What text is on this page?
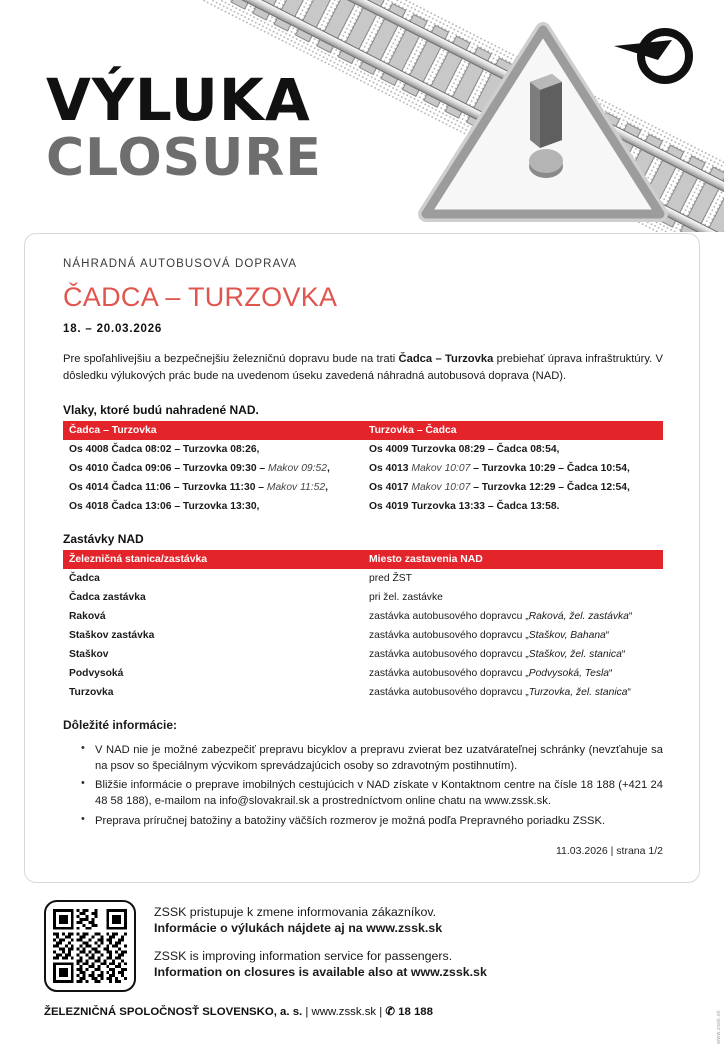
VÝLUKA
CLOSURE

NÁHRADNÁ AUTOBUSOVÁ DOPRAVA

ČADCA – TURZOVKA

18. – 20.03.2026

Pre spoľahlivejšiu a bezpečnejšiu železničnú dopravu bude na trati Čadca – Turzovka prebiehať úprava infraštruktúry. V dôsledku výlukových prác bude na uvedenom úseku zavedená náhradná autobusová doprava (NAD).

Vlaky, ktoré budú nahradené NAD.

Čadca – Turzovka	Turzovka – Čadca
Os 4008 Čadca 08:02 – Turzovka 08:26,	Os 4009 Turzovka 08:29 – Čadca 08:54,
Os 4010 Čadca 09:06 – Turzovka 09:30 – Makov 09:52,	Os 4013 Makov 10:07 – Turzovka 10:29 – Čadca 10:54,
Os 4014 Čadca 11:06 – Turzovka 11:30 – Makov 11:52,	Os 4017 Makov 10:07 – Turzovka 12:29 – Čadca 12:54,
Os 4018 Čadca 13:06 – Turzovka 13:30,	Os 4019 Turzovka 13:33 – Čadca 13:58.

Zastávky NAD

Železničná stanica/zastávka	Miesto zastavenia NAD
Čadca	pred ŽST
Čadca zastávka	pri žel. zastávke
Raková	zastávka autobusového dopravcu „Raková, žel. zastávka“
Staškov zastávka	zastávka autobusového dopravcu „Staškov, Bahana“
Staškov	zastávka autobusového dopravcu „Staškov, žel. stanica“
Podvysoká	zastávka autobusového dopravcu „Podvysoká, Tesla“
Turzovka	zastávka autobusového dopravcu „Turzovka, žel. stanica“

Dôležité informácie:

• V NAD nie je možné zabezpečiť prepravu bicyklov a prepravu zvierat bez uzatvárateľnej schránky (nevzťahuje sa na psov so špeciálnym výcvikom sprevádzajúcich osoby so zdravotným postihnutím).
• Bližšie informácie o preprave imobilných cestujúcich v NAD získate v Kontaktnom centre na čísle 18 188 (+421 24 48 58 188), e-mailom na info@slovakrail.sk a prostredníctvom online chatu na www.zssk.sk.
• Preprava príručnej batožiny a batožiny väčších rozmerov je možná podľa Prepravného poriadku ZSSK.
11.03.2026 | strana 1/2

ZSSK pristupuje k zmene informovania zákazníkov.

Informácie o výlukách nájdete aj na www.zssk.sk

ZSSK is improving information service for passengers.

Information on closures is available also at www.zssk.sk

ŽELEZNIČNÁ SPOLOČNOSŤ SLOVENSKO, a. s. | www.zssk.sk | ✆ 18 188	www.zssk.sk
